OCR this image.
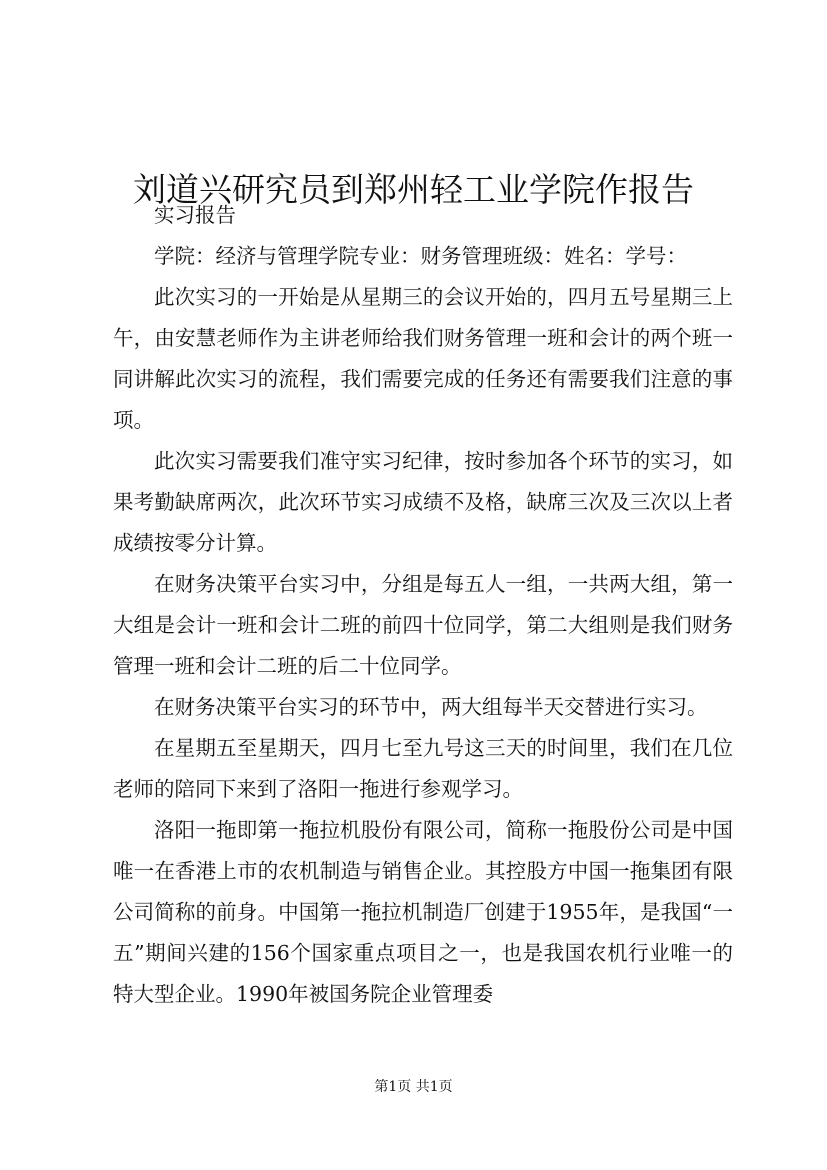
刘道兴研究员到郑州轻工业学院作报告

实习报告

学院：经济与管理学院专业：财务管理班级：姓名：学号：

此次实习的一开始是从星期三的会议开始的，四月五号星期三上午，由安慧老师作为主讲老师给我们财务管理一班和会计的两个班一同讲解此次实习的流程，我们需要完成的任务还有需要我们注意的事项。

此次实习需要我们准守实习纪律，按时参加各个环节的实习，如果考勤缺席两次，此次环节实习成绩不及格，缺席三次及三次以上者成绩按零分计算。

在财务决策平台实习中，分组是每五人一组，一共两大组，第一大组是会计一班和会计二班的前四十位同学，第二大组则是我们财务管理一班和会计二班的后二十位同学。

在财务决策平台实习的环节中，两大组每半天交替进行实习。

在星期五至星期天，四月七至九号这三天的时间里，我们在几位老师的陪同下来到了洛阳一拖进行参观学习。

洛阳一拖即第一拖拉机股份有限公司，简称一拖股份公司是中国唯一在香港上市的农机制造与销售企业。其控股方中国一拖集团有限公司简称的前身。中国第一拖拉机制造厂创建于1955年，是我国“一五”期间兴建的156个国家重点项目之一，也是我国农机行业唯一的特大型企业。1990年被国务院企业管理委

第1页 共1页
